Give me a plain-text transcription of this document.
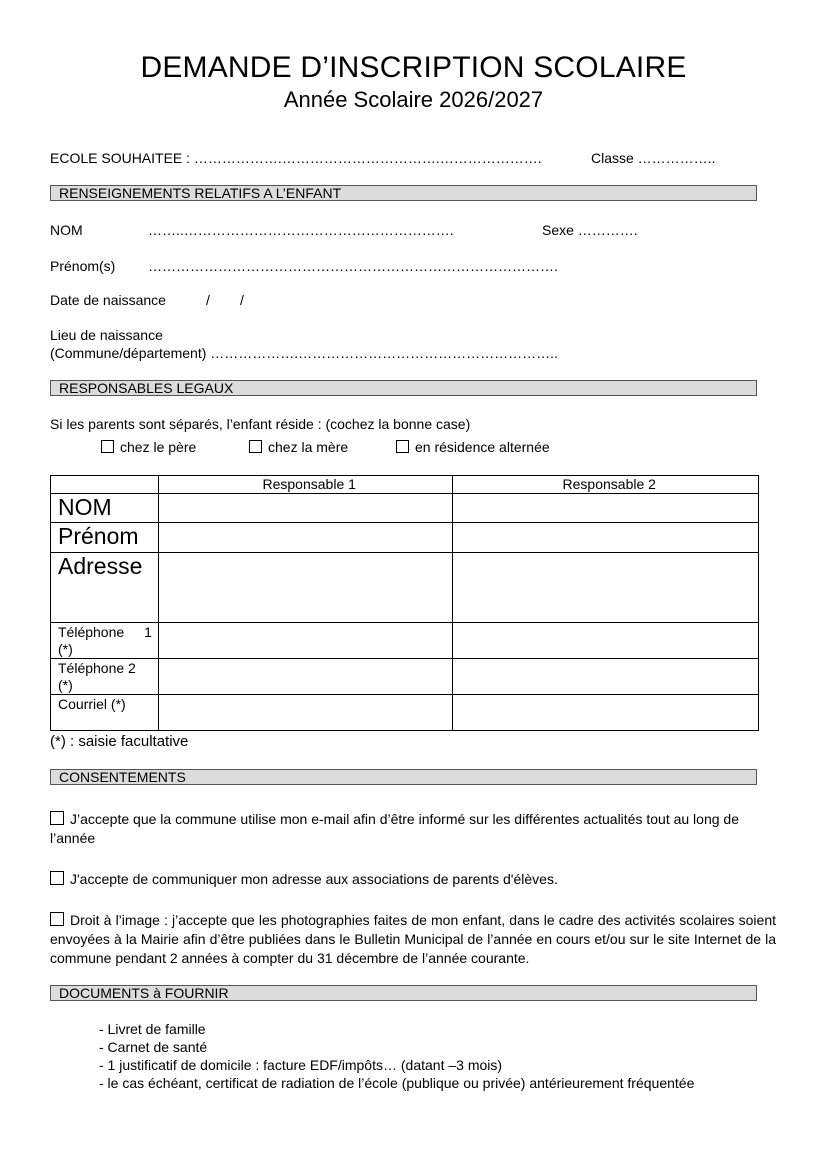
DEMANDE D’INSCRIPTION SCOLAIRE
Année Scolaire 2026/2027
ECOLE SOUHAITEE : ……………….…………………………….………………….	Classe ……………..
RENSEIGNEMENTS RELATIFS A L’ENFANT
NOM	……..………………………………………………….	Sexe ………….
Prénom(s) …………………………………………………………………………….
Date de naissance	/ /
Lieu de naissance
(Commune/département) ……………….………………………………………………..
RESPONSABLES LEGAUX
Si les parents sont séparés, l’enfant réside : (cochez la bonne case)
chez le père	chez la mère	en résidence alternée
	Responsable 1	Responsable 2
NOM		
Prénom		
Adresse		
Téléphone 1 (*)		
Téléphone 2 (*)		
Courriel (*)		
(*) : saisie facultative
CONSENTEMENTS
J’accepte que la commune utilise mon e-mail afin d’être informé sur les différentes actualités tout au long de l’année
J'accepte de communiquer mon adresse aux associations de parents d'élèves.
Droit à l’image : j’accepte que les photographies faites de mon enfant, dans le cadre des activités scolaires soient envoyées à la Mairie afin d’être publiées dans le Bulletin Municipal de l’année en cours et/ou sur le site Internet de la commune pendant 2 années à compter du 31 décembre de l’année courante.
DOCUMENTS à FOURNIR
- Livret de famille
- Carnet de santé
- 1 justificatif de domicile : facture EDF/impôts… (datant –3 mois)
- le cas échéant, certificat de radiation de l’école (publique ou privée) antérieurement fréquentée
